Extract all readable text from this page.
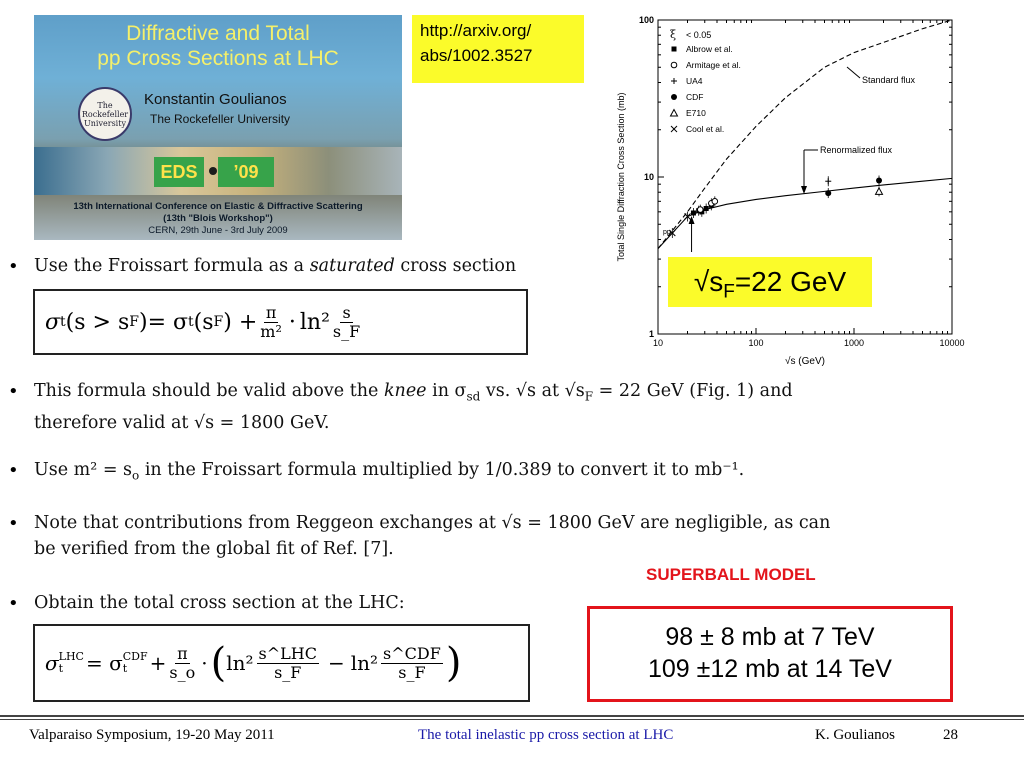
Diffractive and Total
pp Cross Sections at LHC
The Rockefeller University
Konstantin Goulianos
The Rockefeller University
EDS	’09
13th International Conference on Elastic & Diffractive Scattering
(13th "Blois Workshop")
CERN, 29th June - 3rd July 2009
http://arxiv.org/
abs/1002.3527
10	100	1000	10000
1
10
100
√s (GeV)
Total Single Diffraction Cross Section (mb)
ξ < 0.05
Albrow et al.
Armitage et al.
UA4
CDF
E710
Cool et al.
Standard flux
Renormalized flux
pp
$√s_F=22$ GeV
• Use the Froissart formula as a saturated cross section
σ t (s > s F ) = σ t (s F ) + $\frac{\pi}{\text{m²}} \cdot \ln^2 \frac{s}{s\_F}$
• This formula should be valid above the knee in $\sigma_{sd}$ vs. √s at $√s_F = 22$ GeV (Fig. 1) and
therefore valid at √s = 1800 GeV.
• Use $m^2 = s_o$ in the Froissart formula multiplied by 1/0.389 to convert it to mb⁻¹.
• Note that contributions from Reggeon exchanges at √s = 1800 GeV are negligible, as can
be verified from the global fit of Ref. [7].
• Obtain the total cross section at the LHC:
σ LHC
t	= σ CDF
t	+ $\frac{\pi}{s\_o}$ · ( $\ln^2 \frac{\text{s\textasciicircum{}LHC}}{s\_F} - \ln^2 \frac{\text{s\textasciicircum{}CDF}}{s\_F}$ )
SUPERBALL MODEL
98 ± 8 mb at 7 TeV
109 ±12 mb at 14 TeV
Valparaiso Symposium, 19-20 May 2011	The total inelastic pp cross section at LHC	K. Goulianos	28
